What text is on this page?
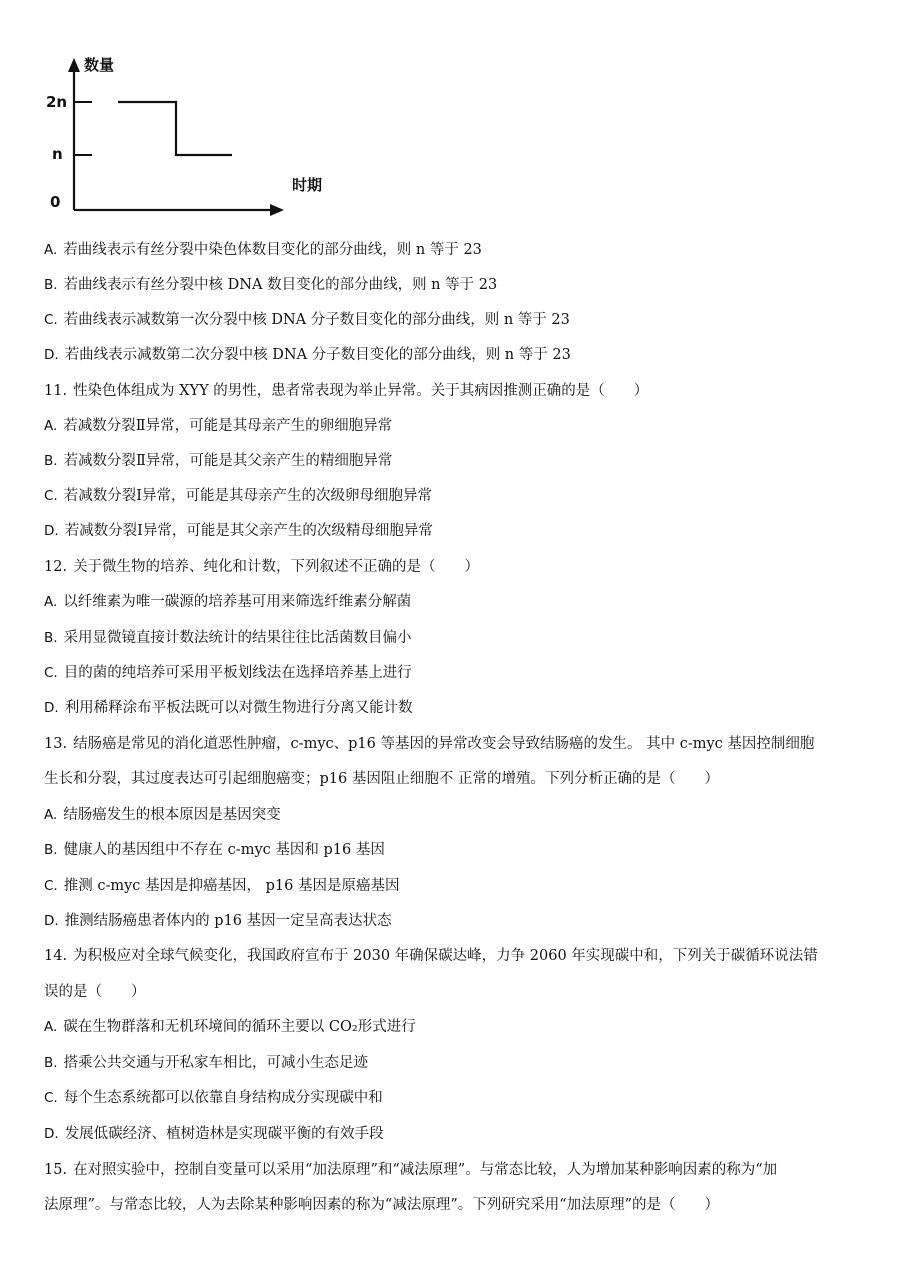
数量
时期
2n
n
0
A. 若曲线表示有丝分裂中染色体数目变化的部分曲线，则 n 等于 23
B. 若曲线表示有丝分裂中核 DNA 数目变化的部分曲线，则 n 等于 23
C. 若曲线表示减数第一次分裂中核 DNA 分子数目变化的部分曲线，则 n 等于 23
D. 若曲线表示减数第二次分裂中核 DNA 分子数目变化的部分曲线，则 n 等于 23
11. 性染色体组成为 XYY 的男性，患者常表现为举止异常。关于其病因推测正确的是（　　）
A. 若减数分裂Ⅱ异常，可能是其母亲产生的卵细胞异常
B. 若减数分裂Ⅱ异常，可能是其父亲产生的精细胞异常
C. 若减数分裂Ⅰ异常，可能是其母亲产生的次级卵母细胞异常
D. 若减数分裂Ⅰ异常，可能是其父亲产生的次级精母细胞异常
12. 关于微生物的培养、纯化和计数，下列叙述不正确的是（　　）
A. 以纤维素为唯一碳源的培养基可用来筛选纤维素分解菌
B. 采用显微镜直接计数法统计的结果往往比活菌数目偏小
C. 目的菌的纯培养可采用平板划线法在选择培养基上进行
D. 利用稀释涂布平板法既可以对微生物进行分离又能计数
13. 结肠癌是常见的消化道恶性肿瘤，c-myc、p16 等基因的异常改变会导致结肠癌的发生。 其中 c-myc 基因控制细胞
生长和分裂，其过度表达可引起细胞癌变；p16 基因阻止细胞不 正常的增殖。下列分析正确的是（　　）
A. 结肠癌发生的根本原因是基因突变
B. 健康人的基因组中不存在 c-myc 基因和 p16 基因
C. 推测 c-myc 基因是抑癌基因， p16 基因是原癌基因
D. 推测结肠癌患者体内的 p16 基因一定呈高表达状态
14. 为积极应对全球气候变化，我国政府宣布于 2030 年确保碳达峰，力争 2060 年实现碳中和，下列关于碳循环说法错
误的是（　　）
A. 碳在生物群落和无机环境间的循环主要以 CO₂形式进行
B. 搭乘公共交通与开私家车相比，可减小生态足迹
C. 每个生态系统都可以依靠自身结构成分实现碳中和
D. 发展低碳经济、植树造林是实现碳平衡的有效手段
15. 在对照实验中，控制自变量可以采用“加法原理”和“减法原理”。与常态比较，人为增加某种影响因素的称为“加
法原理”。与常态比较，人为去除某种影响因素的称为“减法原理”。下列研究采用“加法原理”的是（　　）
